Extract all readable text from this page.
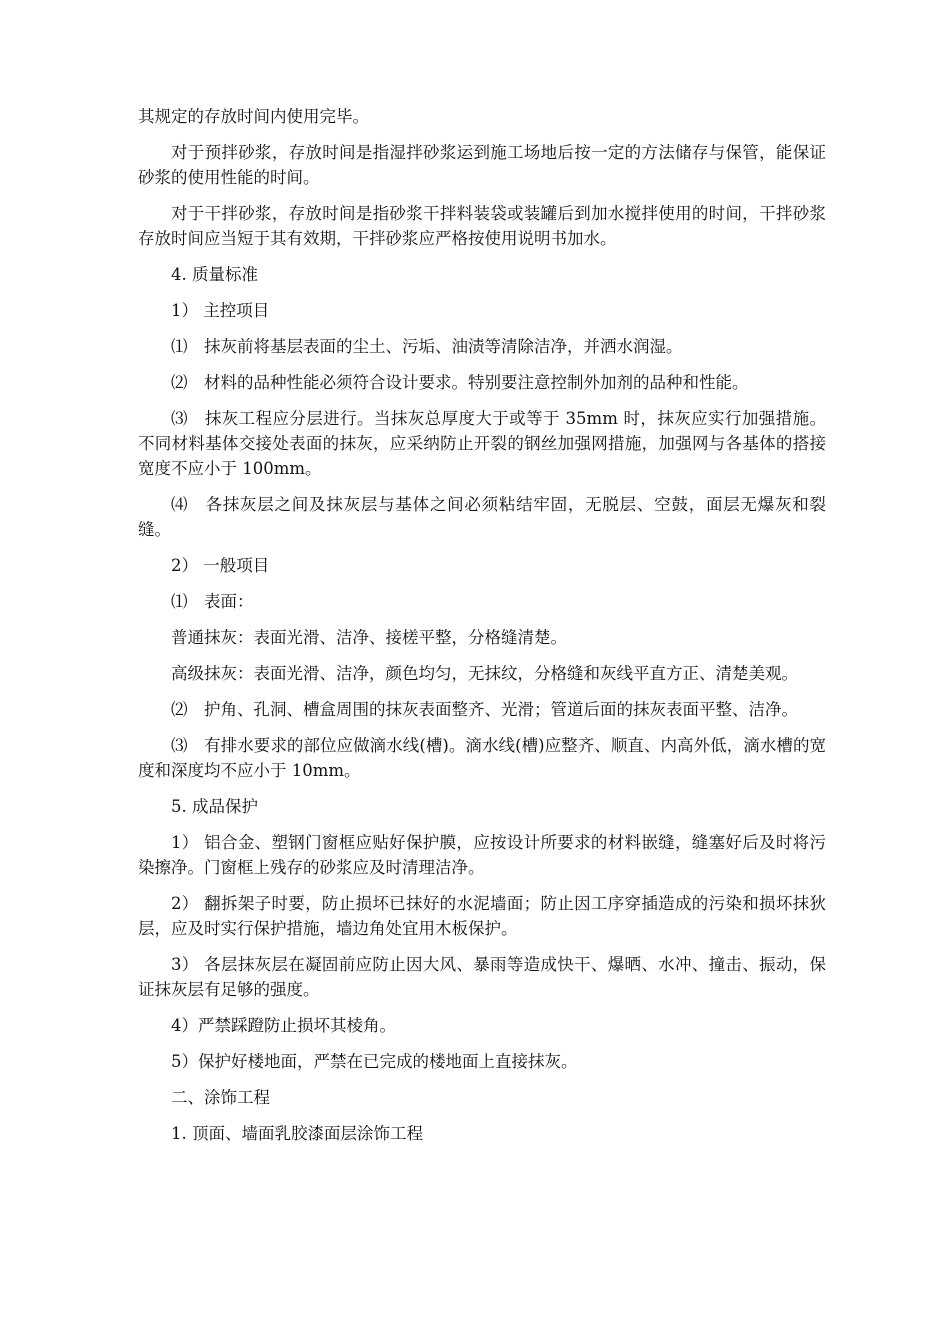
其规定的存放时间内使用完毕。

对于预拌砂浆，存放时间是指湿拌砂浆运到施工场地后按一定的方法储存与保管，能保证砂浆的使用性能的时间。

对于干拌砂浆，存放时间是指砂浆干拌料装袋或装罐后到加水搅拌使用的时间，干拌砂浆存放时间应当短于其有效期，干拌砂浆应严格按使用说明书加水。

4. 质量标准

1） 主控项目

⑴　抹灰前将基层表面的尘土、污垢、油渍等清除洁净，并洒水润湿。

⑵　材料的品种性能必须符合设计要求。特别要注意控制外加剂的品种和性能。

⑶　抹灰工程应分层进行。当抹灰总厚度大于或等于 35mm 时，抹灰应实行加强措施。不同材料基体交接处表面的抹灰，应采纳防止开裂的钢丝加强网措施，加强网与各基体的搭接宽度不应小于 100mm。

⑷　各抹灰层之间及抹灰层与基体之间必须粘结牢固，无脱层、空鼓，面层无爆灰和裂缝。

2） 一般项目

⑴　表面：

普通抹灰：表面光滑、洁净、接槎平整，分格缝清楚。

高级抹灰：表面光滑、洁净，颜色均匀，无抹纹，分格缝和灰线平直方正、清楚美观。

⑵　护角、孔洞、槽盒周围的抹灰表面整齐、光滑；管道后面的抹灰表面平整、洁净。

⑶　有排水要求的部位应做滴水线(槽)。滴水线(槽)应整齐、顺直、内高外低，滴水槽的宽度和深度均不应小于 10mm。

5. 成品保护

1） 铝合金、塑钢门窗框应贴好保护膜，应按设计所要求的材料嵌缝，缝塞好后及时将污染擦净。门窗框上残存的砂浆应及时清理洁净。

2） 翻拆架子时要，防止损坏已抹好的水泥墙面；防止因工序穿插造成的污染和损坏抹狄层，应及时实行保护措施，墙边角处宜用木板保护。

3） 各层抹灰层在凝固前应防止因大风、暴雨等造成快干、爆晒、水冲、撞击、振动，保证抹灰层有足够的强度。

4）严禁踩蹬防止损坏其棱角。

5）保护好楼地面，严禁在已完成的楼地面上直接抹灰。

二、涂饰工程

1. 顶面、墙面乳胶漆面层涂饰工程
